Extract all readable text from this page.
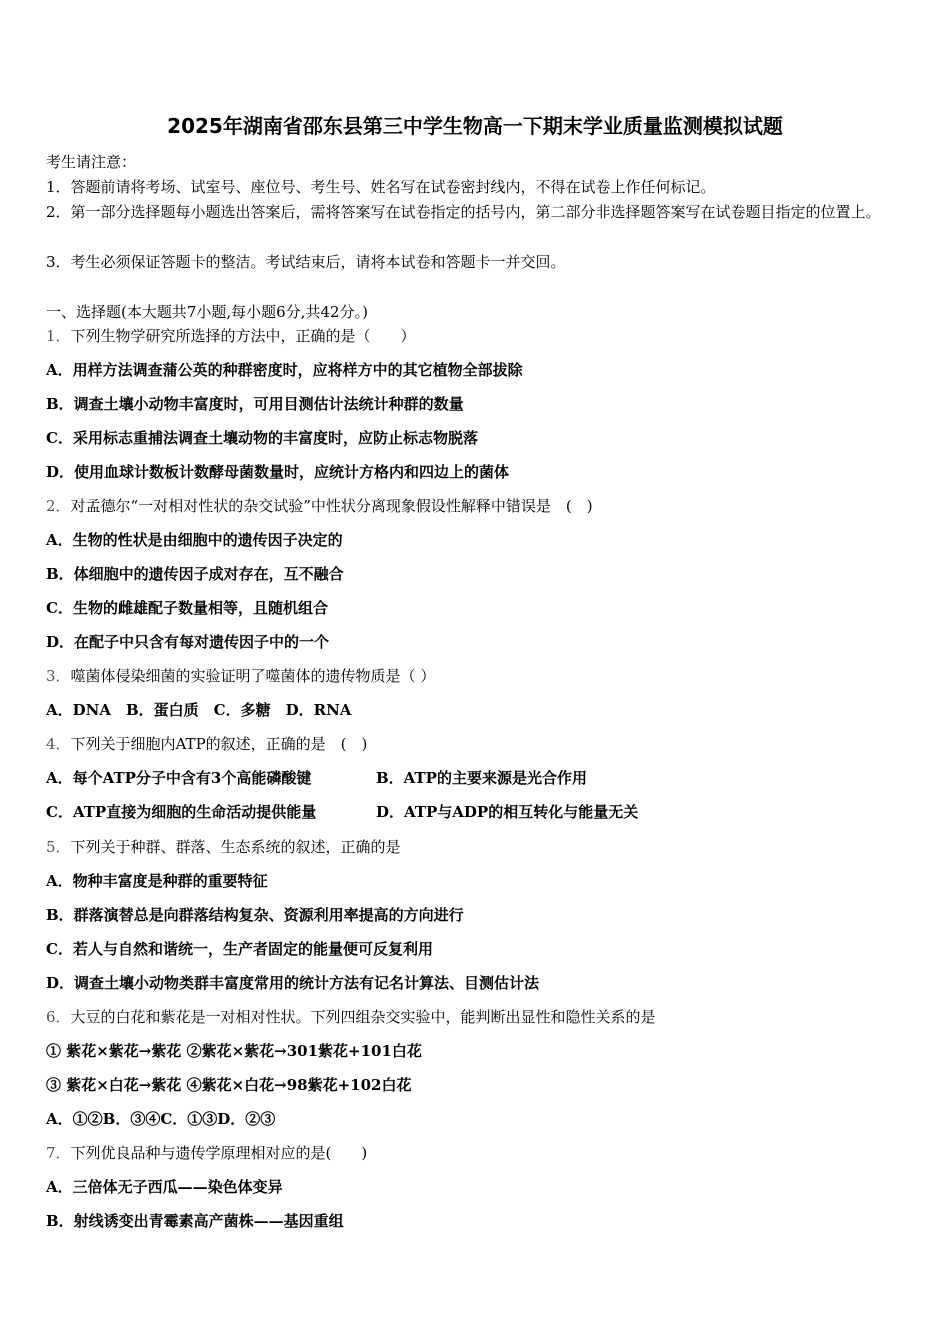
2025年湖南省邵东县第三中学生物高一下期末学业质量监测模拟试题
考生请注意：
1．答题前请将考场、试室号、座位号、考生号、姓名写在试卷密封线内，不得在试卷上作任何标记。
2．第一部分选择题每小题选出答案后，需将答案写在试卷指定的括号内，第二部分非选择题答案写在试卷题目指定的位置上。
3．考生必须保证答题卡的整洁。考试结束后，请将本试卷和答题卡一并交回。
一、选择题(本大题共7小题,每小题6分,共42分。)
1．下列生物学研究所选择的方法中，正确的是（　　）
A．用样方法调查蒲公英的种群密度时，应将样方中的其它植物全部拔除
B．调查土壤小动物丰富度时，可用目测估计法统计种群的数量
C．采用标志重捕法调查土壤动物的丰富度时，应防止标志物脱落
D．使用血球计数板计数酵母菌数量时，应统计方格内和四边上的菌体
2．对孟德尔“一对相对性状的杂交试验”中性状分离现象假设性解释中错误是　(　)
A．生物的性状是由细胞中的遗传因子决定的
B．体细胞中的遗传因子成对存在，互不融合
C．生物的雌雄配子数量相等，且随机组合
D．在配子中只含有每对遗传因子中的一个
3．噬菌体侵染细菌的实验证明了噬菌体的遗传物质是（ ）
A．DNA　B．蛋白质　C．多糖　D．RNA
4．下列关于细胞内ATP的叙述，正确的是　(　)
A．每个ATP分子中含有3个高能磷酸键	B．ATP的主要来源是光合作用
C．ATP直接为细胞的生命活动提供能量	D．ATP与ADP的相互转化与能量无关
5．下列关于种群、群落、生态系统的叙述，正确的是
A．物种丰富度是种群的重要特征
B．群落演替总是向群落结构复杂、资源利用率提高的方向进行
C．若人与自然和谐统一，生产者固定的能量便可反复利用
D．调查土壤小动物类群丰富度常用的统计方法有记名计算法、目测估计法
6．大豆的白花和紫花是一对相对性状。下列四组杂交实验中，能判断出显性和隐性关系的是
① 紫花×紫花→紫花 ②紫花×紫花→301紫花+101白花
③ 紫花×白花→紫花 ④紫花×白花→98紫花+102白花
A．①②B．③④C．①③D．②③
7．下列优良品种与遗传学原理相对应的是(　　)
A．三倍体无子西瓜——染色体变异
B．射线诱变出青霉素高产菌株——基因重组
